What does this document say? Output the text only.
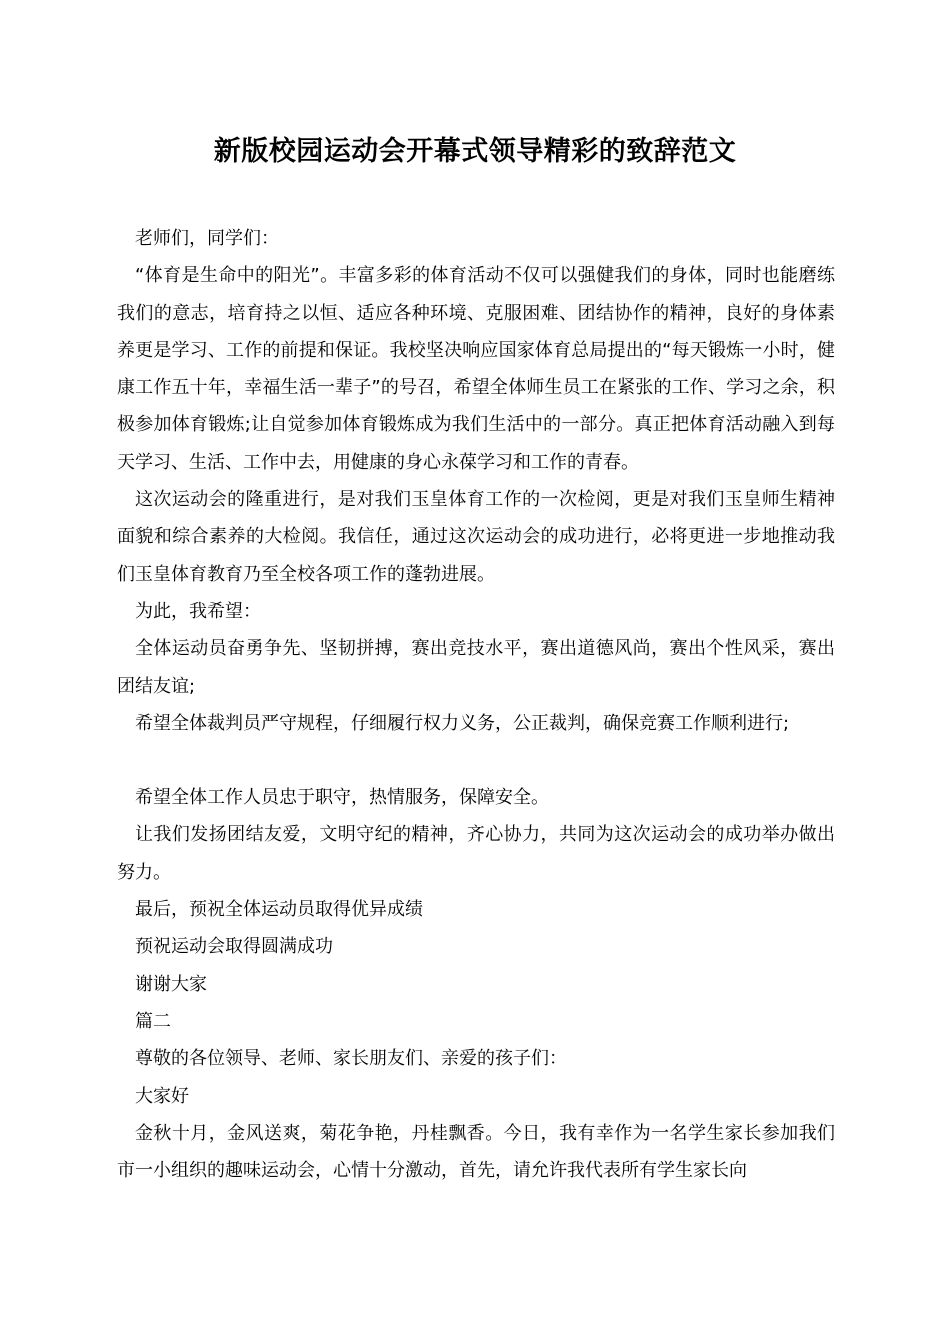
新版校园运动会开幕式领导精彩的致辞范文

老师们，同学们：

“体育是生命中的阳光”。丰富多彩的体育活动不仅可以强健我们的身体，同时也能磨练我们的意志，培育持之以恒、适应各种环境、克服困难、团结协作的精神，良好的身体素养更是学习、工作的前提和保证。我校坚决响应国家体育总局提出的“每天锻炼一小时，健康工作五十年，幸福生活一辈子”的号召，希望全体师生员工在紧张的工作、学习之余，积极参加体育锻炼;让自觉参加体育锻炼成为我们生活中的一部分。真正把体育活动融入到每天学习、生活、工作中去，用健康的身心永葆学习和工作的青春。

这次运动会的隆重进行，是对我们玉皇体育工作的一次检阅，更是对我们玉皇师生精神面貌和综合素养的大检阅。我信任，通过这次运动会的成功进行，必将更进一步地推动我们玉皇体育教育乃至全校各项工作的蓬勃进展。

为此，我希望：

全体运动员奋勇争先、坚韧拼搏，赛出竞技水平，赛出道德风尚，赛出个性风采，赛出团结友谊;

希望全体裁判员严守规程，仔细履行权力义务，公正裁判，确保竞赛工作顺利进行;

希望全体工作人员忠于职守，热情服务，保障安全。

让我们发扬团结友爱，文明守纪的精神，齐心协力，共同为这次运动会的成功举办做出努力。

最后，预祝全体运动员取得优异成绩

预祝运动会取得圆满成功

谢谢大家

篇二

尊敬的各位领导、老师、家长朋友们、亲爱的孩子们：

大家好

金秋十月，金风送爽，菊花争艳，丹桂飘香。今日，我有幸作为一名学生家长参加我们市一小组织的趣味运动会，心情十分激动，首先，请允许我代表所有学生家长向
